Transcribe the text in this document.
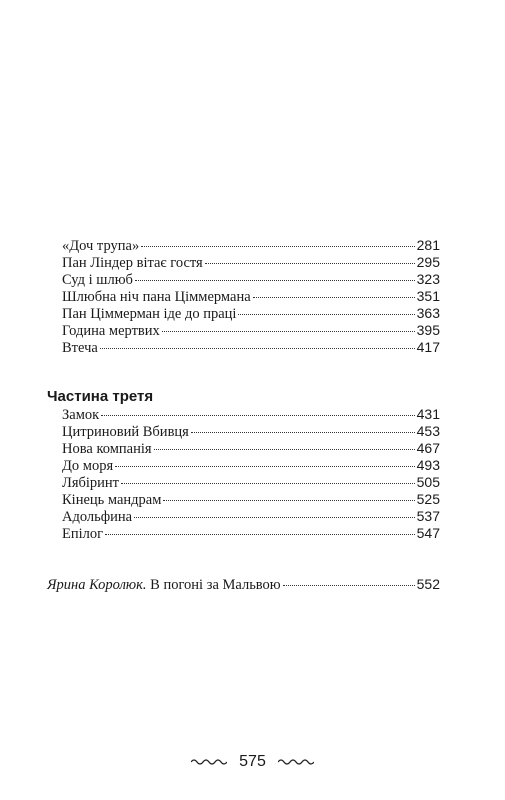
«Доч трупа»	281
Пан Ліндер вітає гостя	295
Суд і шлюб	323
Шлюбна ніч пана Ціммермана	351
Пан Ціммерман іде до праці	363
Година мертвих	395
Втеча	417
Частина третя
Замок	431
Цитриновий Вбивця	453
Нова компанія	467
До моря	493
Лябіринт	505
Кінець мандрам	525
Адольфина	537
Епілог	547
Ярина Королюк. В погоні за Мальвою	552
575
